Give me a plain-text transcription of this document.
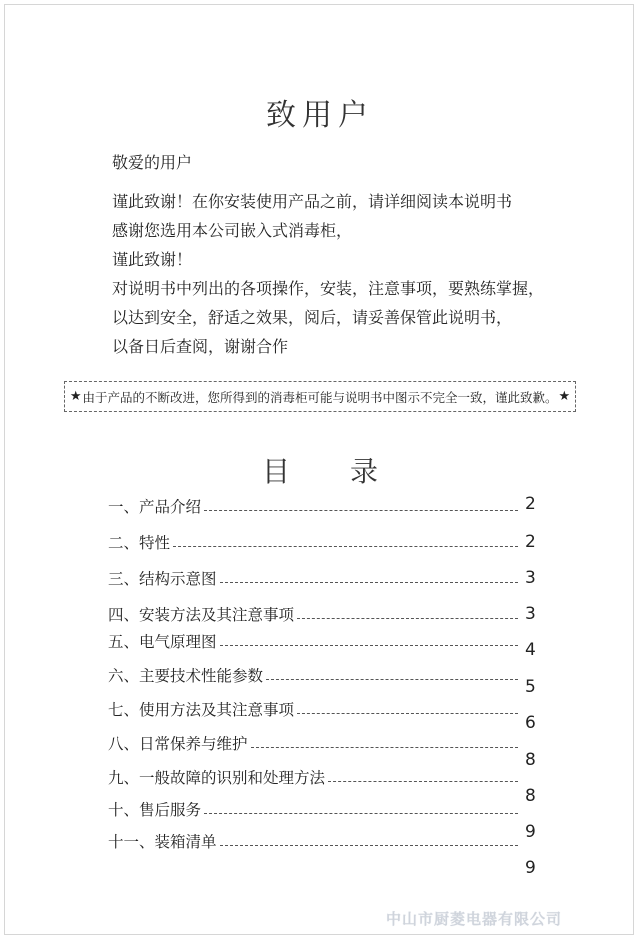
致用户
敬爱的用户
谨此致谢！在你安装使用产品之前，请详细阅读本说明书
感谢您选用本公司嵌入式消毒柜，
谨此致谢！
对说明书中列出的各项操作，安装，注意事项，要熟练掌握，
以达到安全，舒适之效果，阅后，请妥善保管此说明书，
以备日后查阅，谢谢合作
★ 由于产品的不断改进，您所得到的消毒柜可能与说明书中图示不完全一致，谨此致歉。 ★
目 录
一、产品介绍
二、特性
三、结构示意图
四、安装方法及其注意事项
五、电气原理图
六、主要技术性能参数
七、使用方法及其注意事项
八、日常保养与维护
九、一般故障的识别和处理方法
十、售后服务
十一、装箱清单
2
2
3
3
4
5
6
8
8
9
9
中山市厨菱电器有限公司
